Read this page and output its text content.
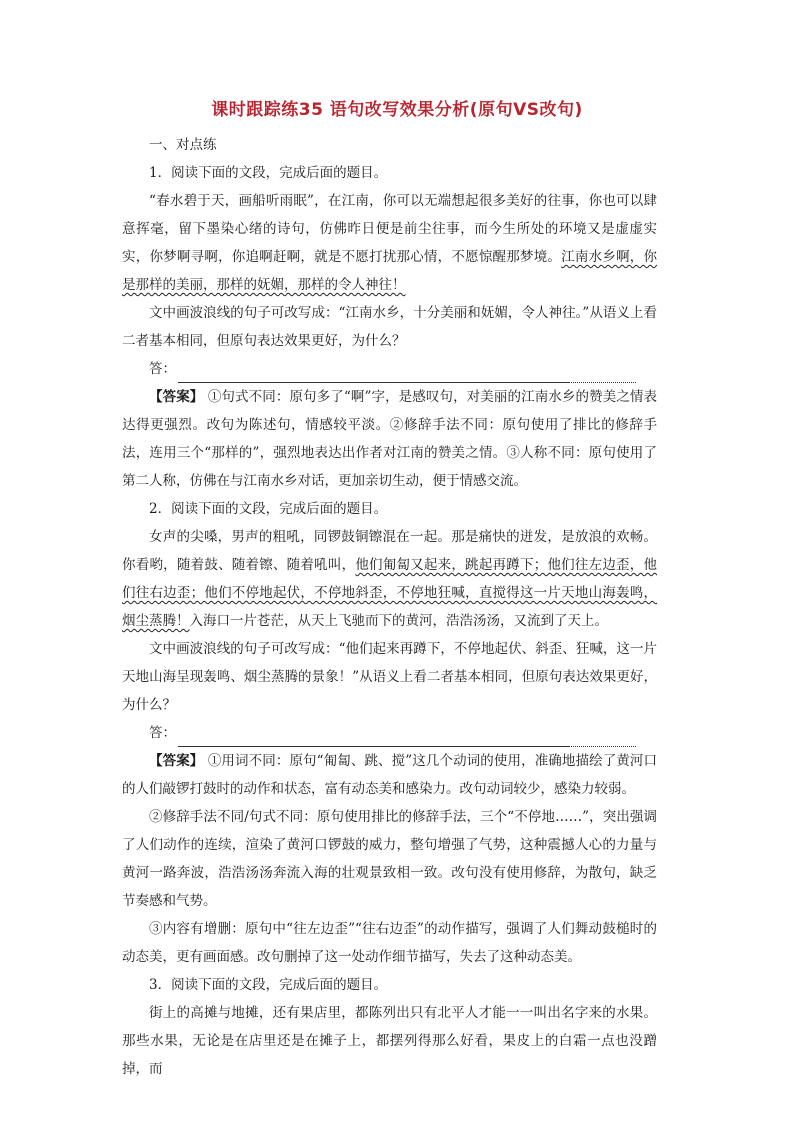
课时跟踪练35 语句改写效果分析(原句VS改句)

一、对点练

1．阅读下面的文段，完成后面的题目。

“春水碧于天，画船听雨眠”，在江南，你可以无端想起很多美好的往事，你也可以肆意挥毫，留下墨染心绪的诗句，仿佛昨日便是前尘往事，而今生所处的环境又是虚虚实实，你梦啊寻啊，你追啊赶啊，就是不愿打扰那心情，不愿惊醒那梦境。江南水乡啊，你是那样的美丽，那样的妩媚，那样的令人神往！

文中画波浪线的句子可改写成：“江南水乡，十分美丽和妩媚，令人神往。”从语义上看二者基本相同，但原句表达效果更好，为什么？

答：

【答案】 ①句式不同：原句多了“啊”字，是感叹句，对美丽的江南水乡的赞美之情表达得更强烈。改句为陈述句，情感较平淡。②修辞手法不同：原句使用了排比的修辞手法，连用三个“那样的”，强烈地表达出作者对江南的赞美之情。③人称不同：原句使用了第二人称，仿佛在与江南水乡对话，更加亲切生动，便于情感交流。

2．阅读下面的文段，完成后面的题目。

女声的尖嗓，男声的粗吼，同锣鼓铜镲混在一起。那是痛快的迸发，是放浪的欢畅。你看哟，随着鼓、随着镲、随着吼叫，他们匍匐又起来，跳起再蹲下；他们往左边歪，他们往右边歪；他们不停地起伏，不停地斜歪，不停地狂喊，直搅得这一片天地山海轰鸣，烟尘蒸腾！入海口一片苍茫，从天上飞驰而下的黄河，浩浩汤汤，又流到了天上。

文中画波浪线的句子可改写成：“他们起来再蹲下，不停地起伏、斜歪、狂喊，这一片天地山海呈现轰鸣、烟尘蒸腾的景象！”从语义上看二者基本相同，但原句表达效果更好，为什么？

答：

【答案】 ①用词不同：原句“匍匐、跳、搅”这几个动词的使用，准确地描绘了黄河口的人们敲锣打鼓时的动作和状态，富有动态美和感染力。改句动词较少，感染力较弱。

②修辞手法不同/句式不同：原句使用排比的修辞手法，三个“不停地……”，突出强调了人们动作的连续，渲染了黄河口锣鼓的威力，整句增强了气势，这种震撼人心的力量与黄河一路奔波，浩浩汤汤奔流入海的壮观景致相一致。改句没有使用修辞，为散句，缺乏节奏感和气势。

③内容有增删：原句中“往左边歪”“往右边歪”的动作描写，强调了人们舞动鼓槌时的动态美，更有画面感。改句删掉了这一处动作细节描写，失去了这种动态美。

3．阅读下面的文段，完成后面的题目。

街上的高摊与地摊，还有果店里，都陈列出只有北平人才能一一叫出名字来的水果。那些水果，无论是在店里还是在摊子上，都摆列得那么好看，果皮上的白霜一点也没蹭掉，而
